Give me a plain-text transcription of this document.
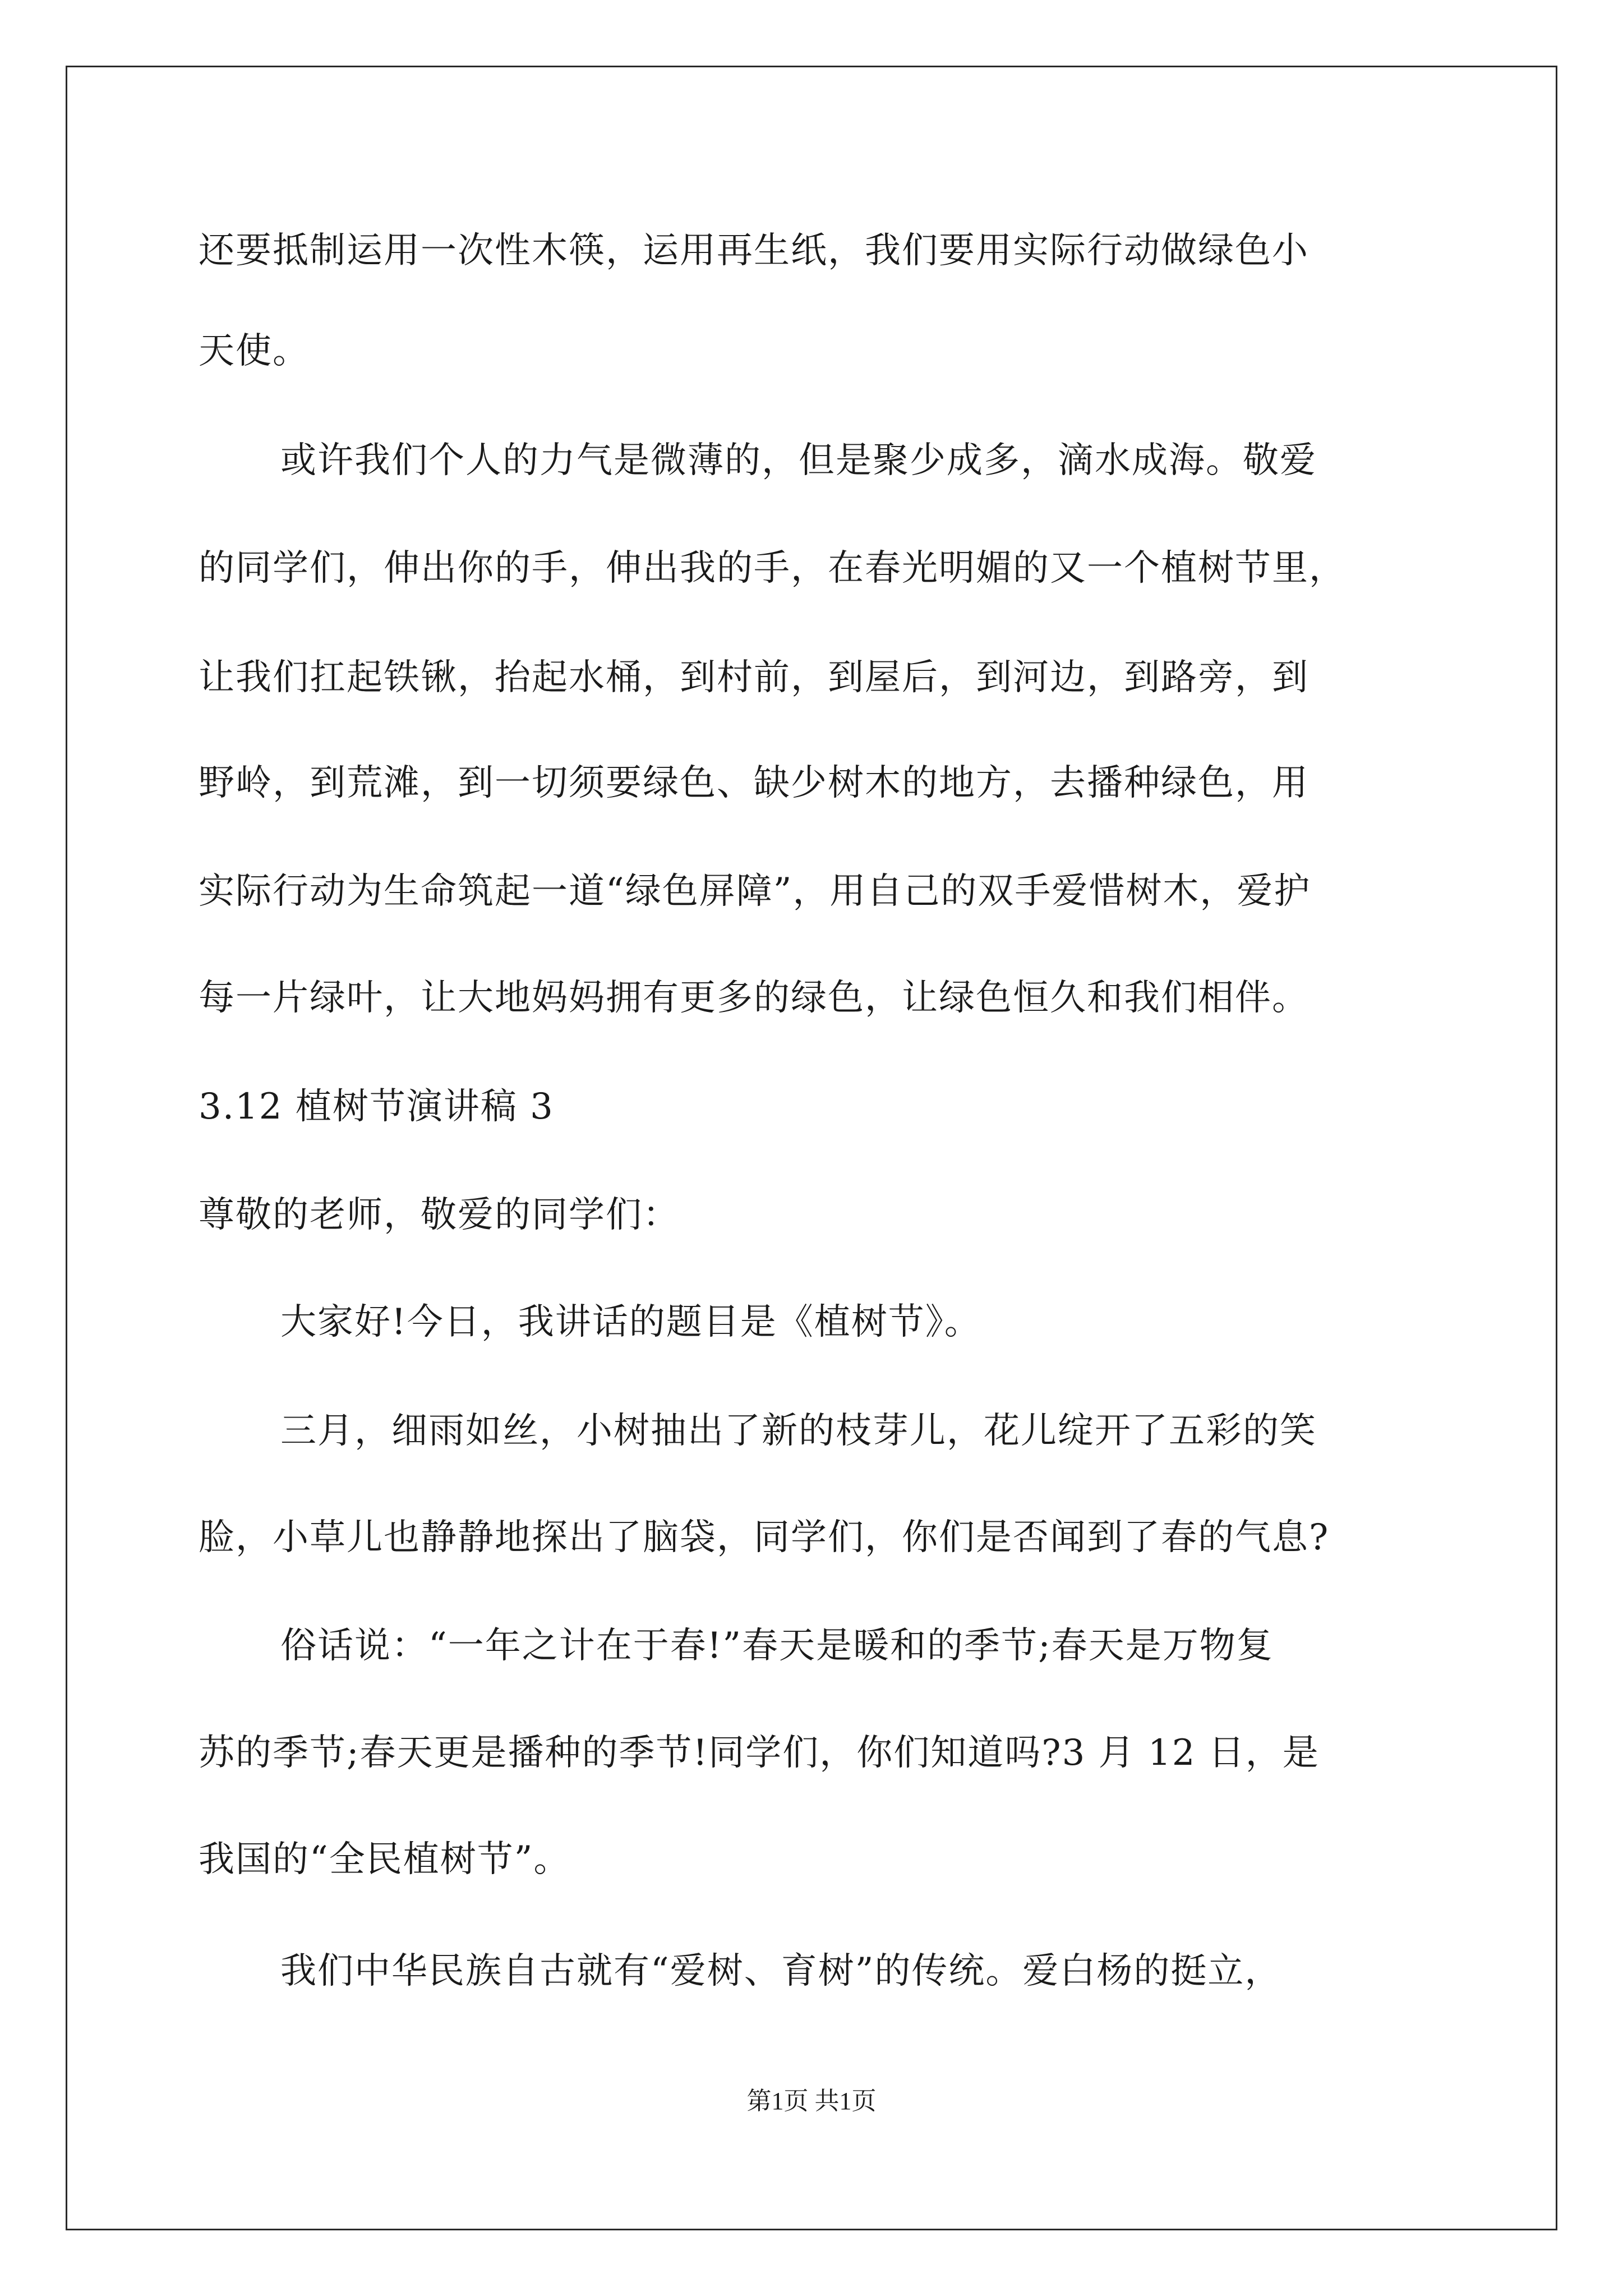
还要抵制运用一次性木筷，运用再生纸，我们要用实际行动做绿色小
天使。
或许我们个人的力气是微薄的，但是聚少成多，滴水成海。敬爱
的同学们，伸出你的手，伸出我的手，在春光明媚的又一个植树节里，
让我们扛起铁锹，抬起水桶，到村前，到屋后，到河边，到路旁，到
野岭，到荒滩，到一切须要绿色、缺少树木的地方，去播种绿色，用
实际行动为生命筑起一道“绿色屏障”，用自己的双手爱惜树木，爱护
每一片绿叶，让大地妈妈拥有更多的绿色，让绿色恒久和我们相伴。
3.12 植树节演讲稿 3
尊敬的老师，敬爱的同学们：
大家好!今日，我讲话的题目是《植树节》。
三月，细雨如丝，小树抽出了新的枝芽儿，花儿绽开了五彩的笑
脸，小草儿也静静地探出了脑袋，同学们，你们是否闻到了春的气息?
俗话说：“一年之计在于春!”春天是暖和的季节;春天是万物复
苏的季节;春天更是播种的季节!同学们，你们知道吗?3 月 12 日，是
我国的“全民植树节”。
我们中华民族自古就有“爱树、育树”的传统。爱白杨的挺立，
第1页 共1页
